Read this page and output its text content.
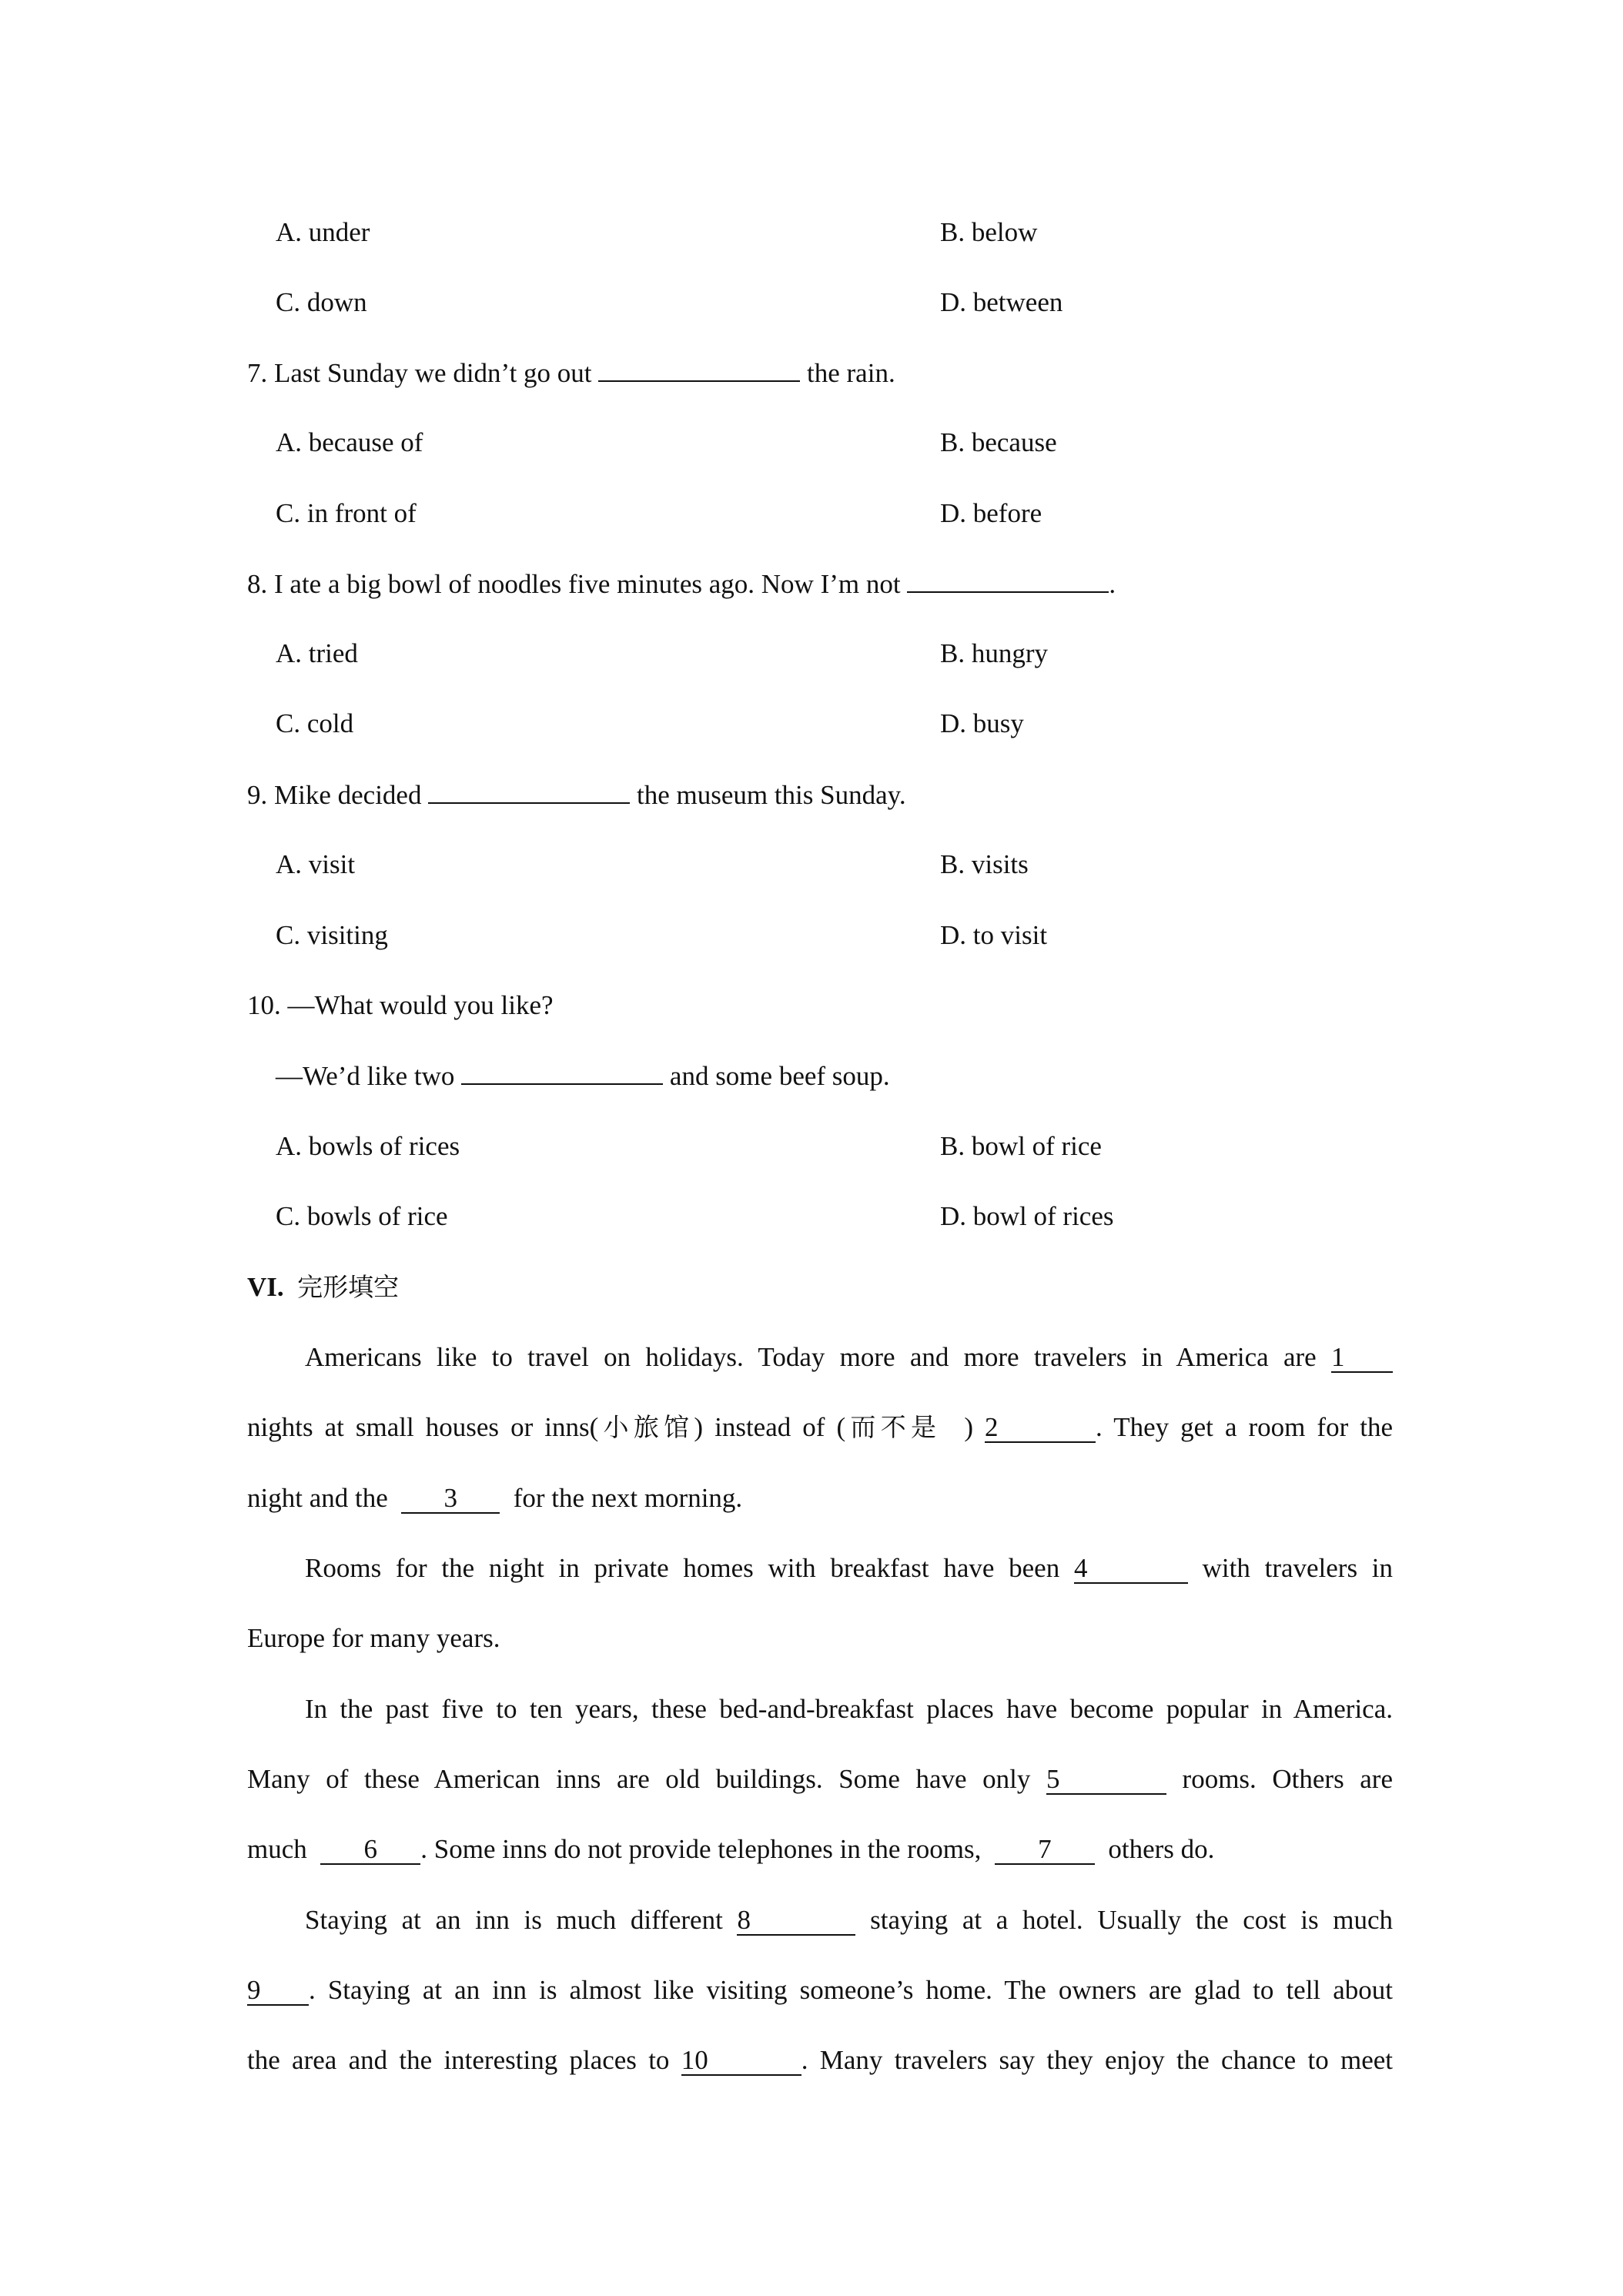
A. under	B. below
C. down	D. between
7. Last Sunday we didn’t go out	the rain.
A. because of	B. because
C. in front of	D. before
8. I ate a big bowl of noodles five minutes ago. Now I’m not	.
A. tried	B. hungry
C. cold	D. busy
9. Mike decided	the museum this Sunday.
A. visit	B. visits
C. visiting	D. to visit
10. —What would you like?
—We’d like two	and some beef soup.
A. bowls of rices	B. bowl of rice
C. bowls of rice	D. bowl of rices
VI. 完形填空
Americans like to travel on holidays. Today more and more travelers in America are 1
nights at small houses or inns(小旅馆) instead of (而不是 ) 2	. They get a room for the
night and the 3 for the next morning.
Rooms for the night in private homes with breakfast have been 4	with travelers in
Europe for many years.
In the past five to ten years, these bed-and-breakfast places have become popular in America.
Many of these American inns are old buildings. Some have only 5	rooms. Others are
much 6 . Some inns do not provide telephones in the rooms, 7 others do.
Staying at an inn is much different 8	staying at a hotel. Usually the cost is much
9 . Staying at an inn is almost like visiting someone’s home. The owners are glad to tell about
the area and the interesting places to 10	. Many travelers say they enjoy the chance to meet
